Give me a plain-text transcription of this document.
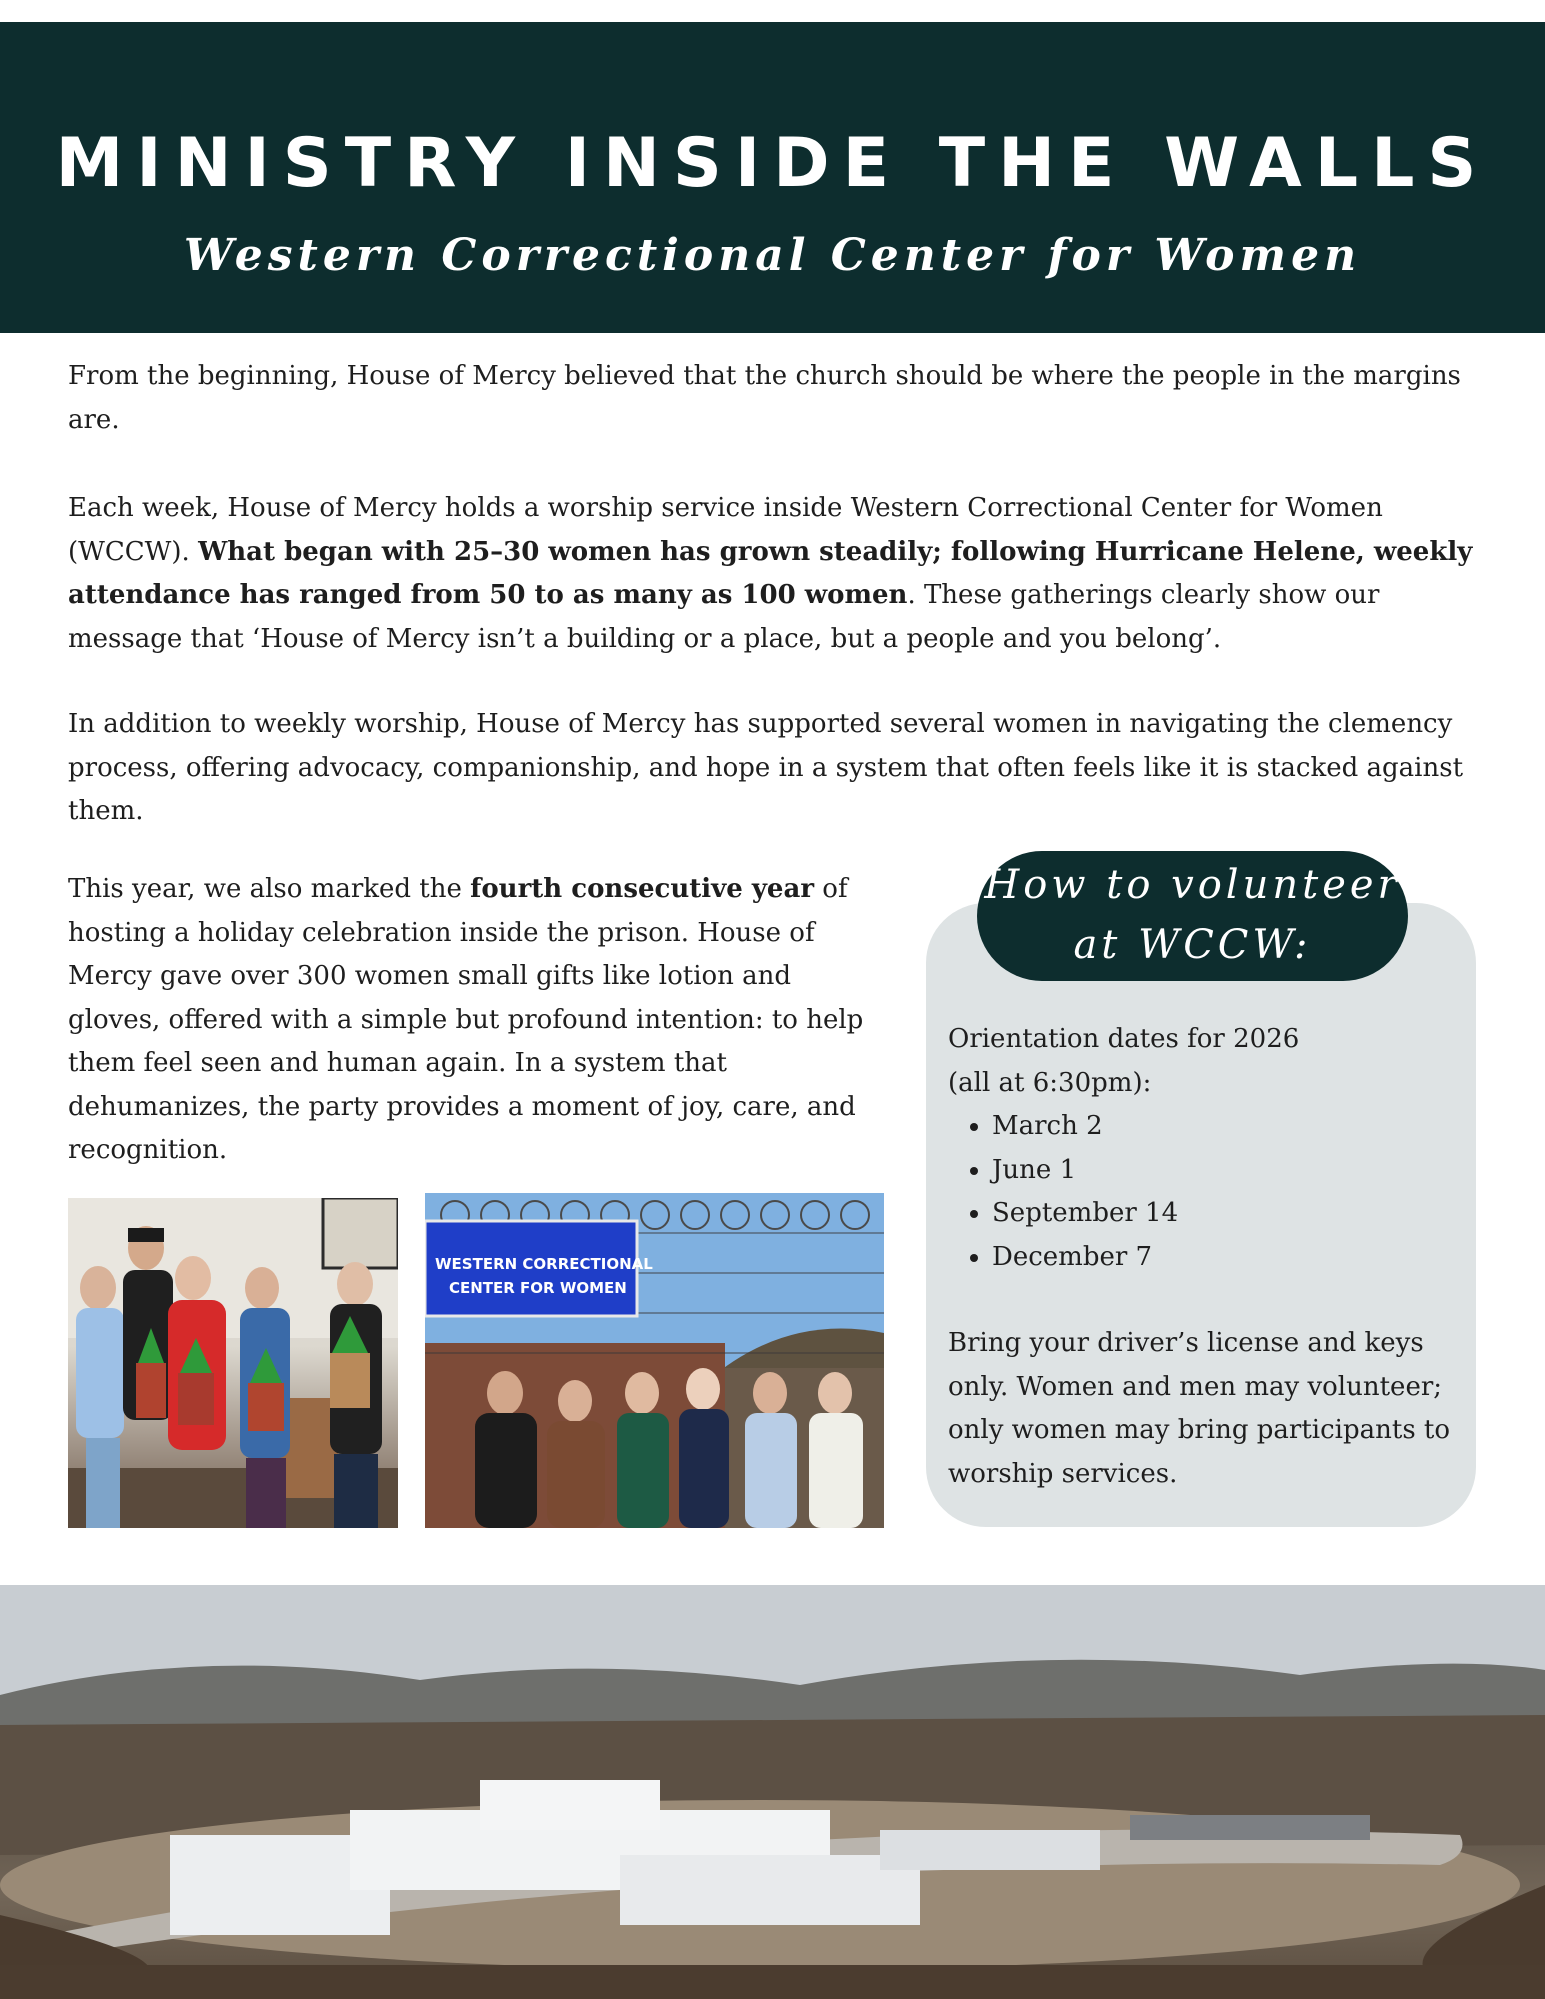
MINISTRY INSIDE THE WALLS
Western Correctional Center for Women

From the beginning, House of Mercy believed that the church should be where the people in the margins are.

Each week, House of Mercy holds a worship service inside Western Correctional Center for Women (WCCW). What began with 25–30 women has grown steadily; following Hurricane Helene, weekly attendance has ranged from 50 to as many as 100 women. These gatherings clearly show our message that ‘House of Mercy isn’t a building or a place, but a people and you belong’.

In addition to weekly worship, House of Mercy has supported several women in navigating the clemency process, offering advocacy, companionship, and hope in a system that often feels like it is stacked against them.

This year, we also marked the fourth consecutive year of hosting a holiday celebration inside the prison. House of Mercy gave over 300 women small gifts like lotion and gloves, offered with a simple but profound intention: to help them feel seen and human again. In a system that dehumanizes, the party provides a moment of joy, care, and recognition.

WESTERN CORRECTIONAL
CENTER FOR WOMEN

How to volunteer
at WCCW:

Orientation dates for 2026
(all at 6:30pm):

• March 2
• June 1
• September 14
• December 7

Bring your driver’s license and keys only. Women and men may volunteer; only women may bring participants to worship services.
